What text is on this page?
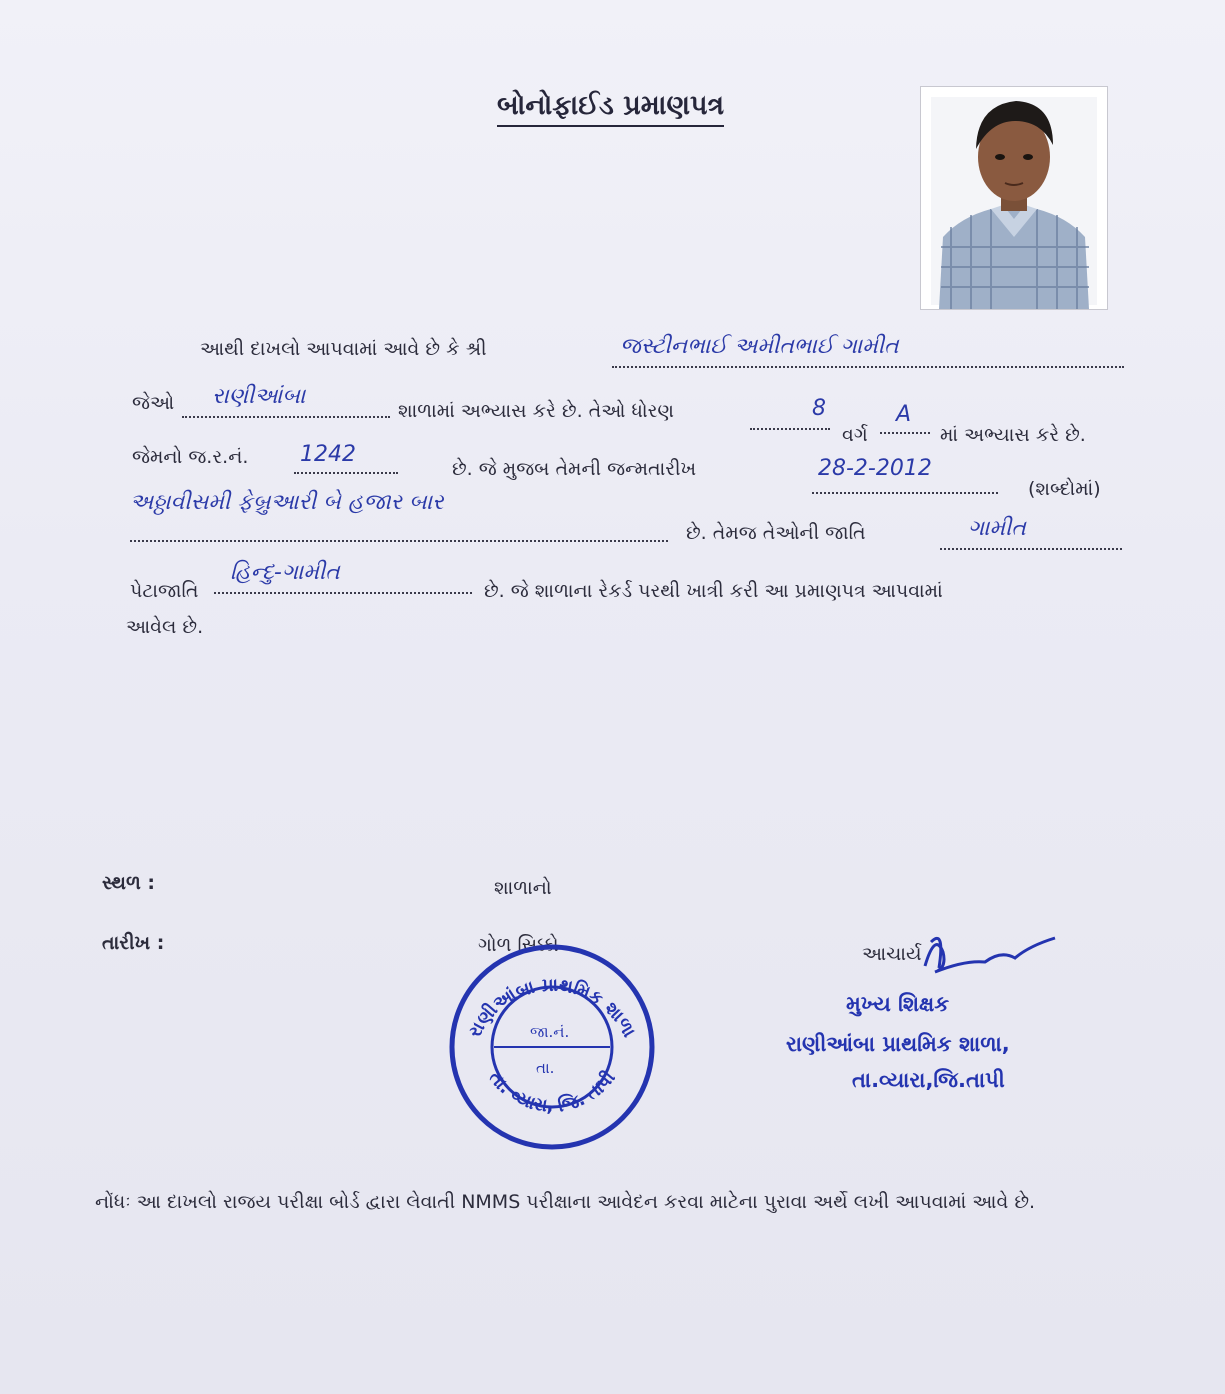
બોનોફાઈડ પ્રમાણપત્ર
આથી દાખલો આપવામાં આવે છે કે શ્રી	જસ્ટીનભાઈ અમીતભાઈ ગામીત
જેઓ રાણીઆંબા
શાળામાં અભ્યાસ કરે છે. તેઓ ધોરણ	8
વર્ગ
A
માં અભ્યાસ કરે છે.
જેમનો જ.ર.નં. 1242
છે. જે મુજબ તેમની જન્મતારીખ	28-2-2012
(શબ્દોમાં)
અઠ્ઠાવીસમી ફેબ્રુઆરી બે હજાર બાર
છે. તેમજ તેઓની જાતિ	ગામીત
પેટાજાતિ
હિન્દુ-ગામીત
છે. જે શાળાના રેકર્ડ પરથી ખાત્રી કરી આ પ્રમાણપત્ર આપવામાં
આવેલ છે.
સ્થળ :
તારીખ :
શાળાનો
ગોળ સિક્કો	આચાર્ય
મુખ્ય શિક્ષક
રાણીઆંબા પ્રાથમિક શાળા,
તા.વ્યારા,જિ.તાપી
રાણીઆંબા પ્રાથમિક શાળા
તા. વ્યારા, જિ. તાપી
જા.નં.
તા.
નોંધઃ આ દાખલો રાજય પરીક્ષા બોર્ડ દ્વારા લેવાતી NMMS પરીક્ષાના આવેદન કરવા માટેના પુરાવા અર્થે લખી આપવામાં આવે છે.
